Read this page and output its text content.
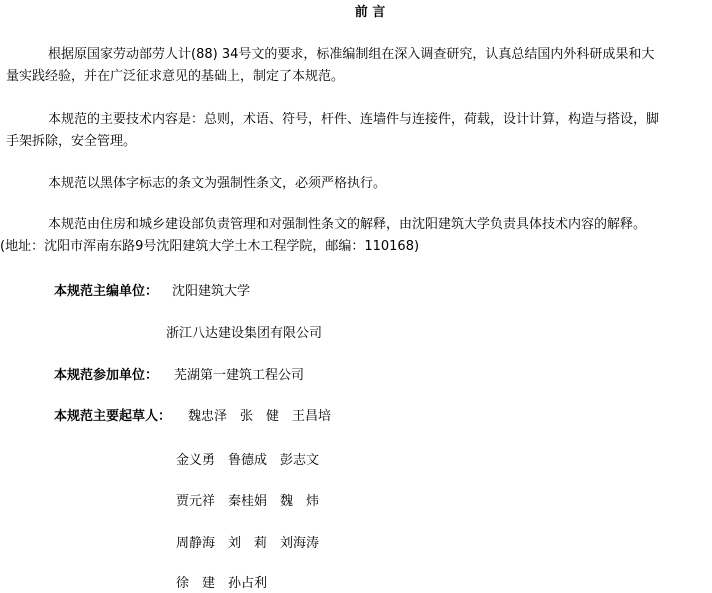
前 言
根据原国家劳动部劳人计(88) 34号文的要求，标准编制组在深入调查研究，认真总结国内外科研成果和大
量实践经验，并在广泛征求意见的基础上，制定了本规范。
本规范的主要技术内容是：总则，术语、符号，杆件、连墙件与连接件，荷载，设计计算，构造与搭设，脚
手架拆除，安全管理。
本规范以黑体字标志的条文为强制性条文，必须严格执行。
本规范由住房和城乡建设部负责管理和对强制性条文的解释，由沈阳建筑大学负责具体技术内容的解释。
(地址：沈阳市浑南东路9号沈阳建筑大学土木工程学院，邮编：110168)
本规范主编单位： 沈阳建筑大学
浙江八达建设集团有限公司
本规范参加单位： 芜湖第一建筑工程公司
本规范主要起草人： 魏忠泽　张　健　王昌培
金义勇　鲁德成　彭志文
贾元祥　秦桂娟　魏　炜
周静海　刘　莉　刘海涛
徐　建　孙占利
